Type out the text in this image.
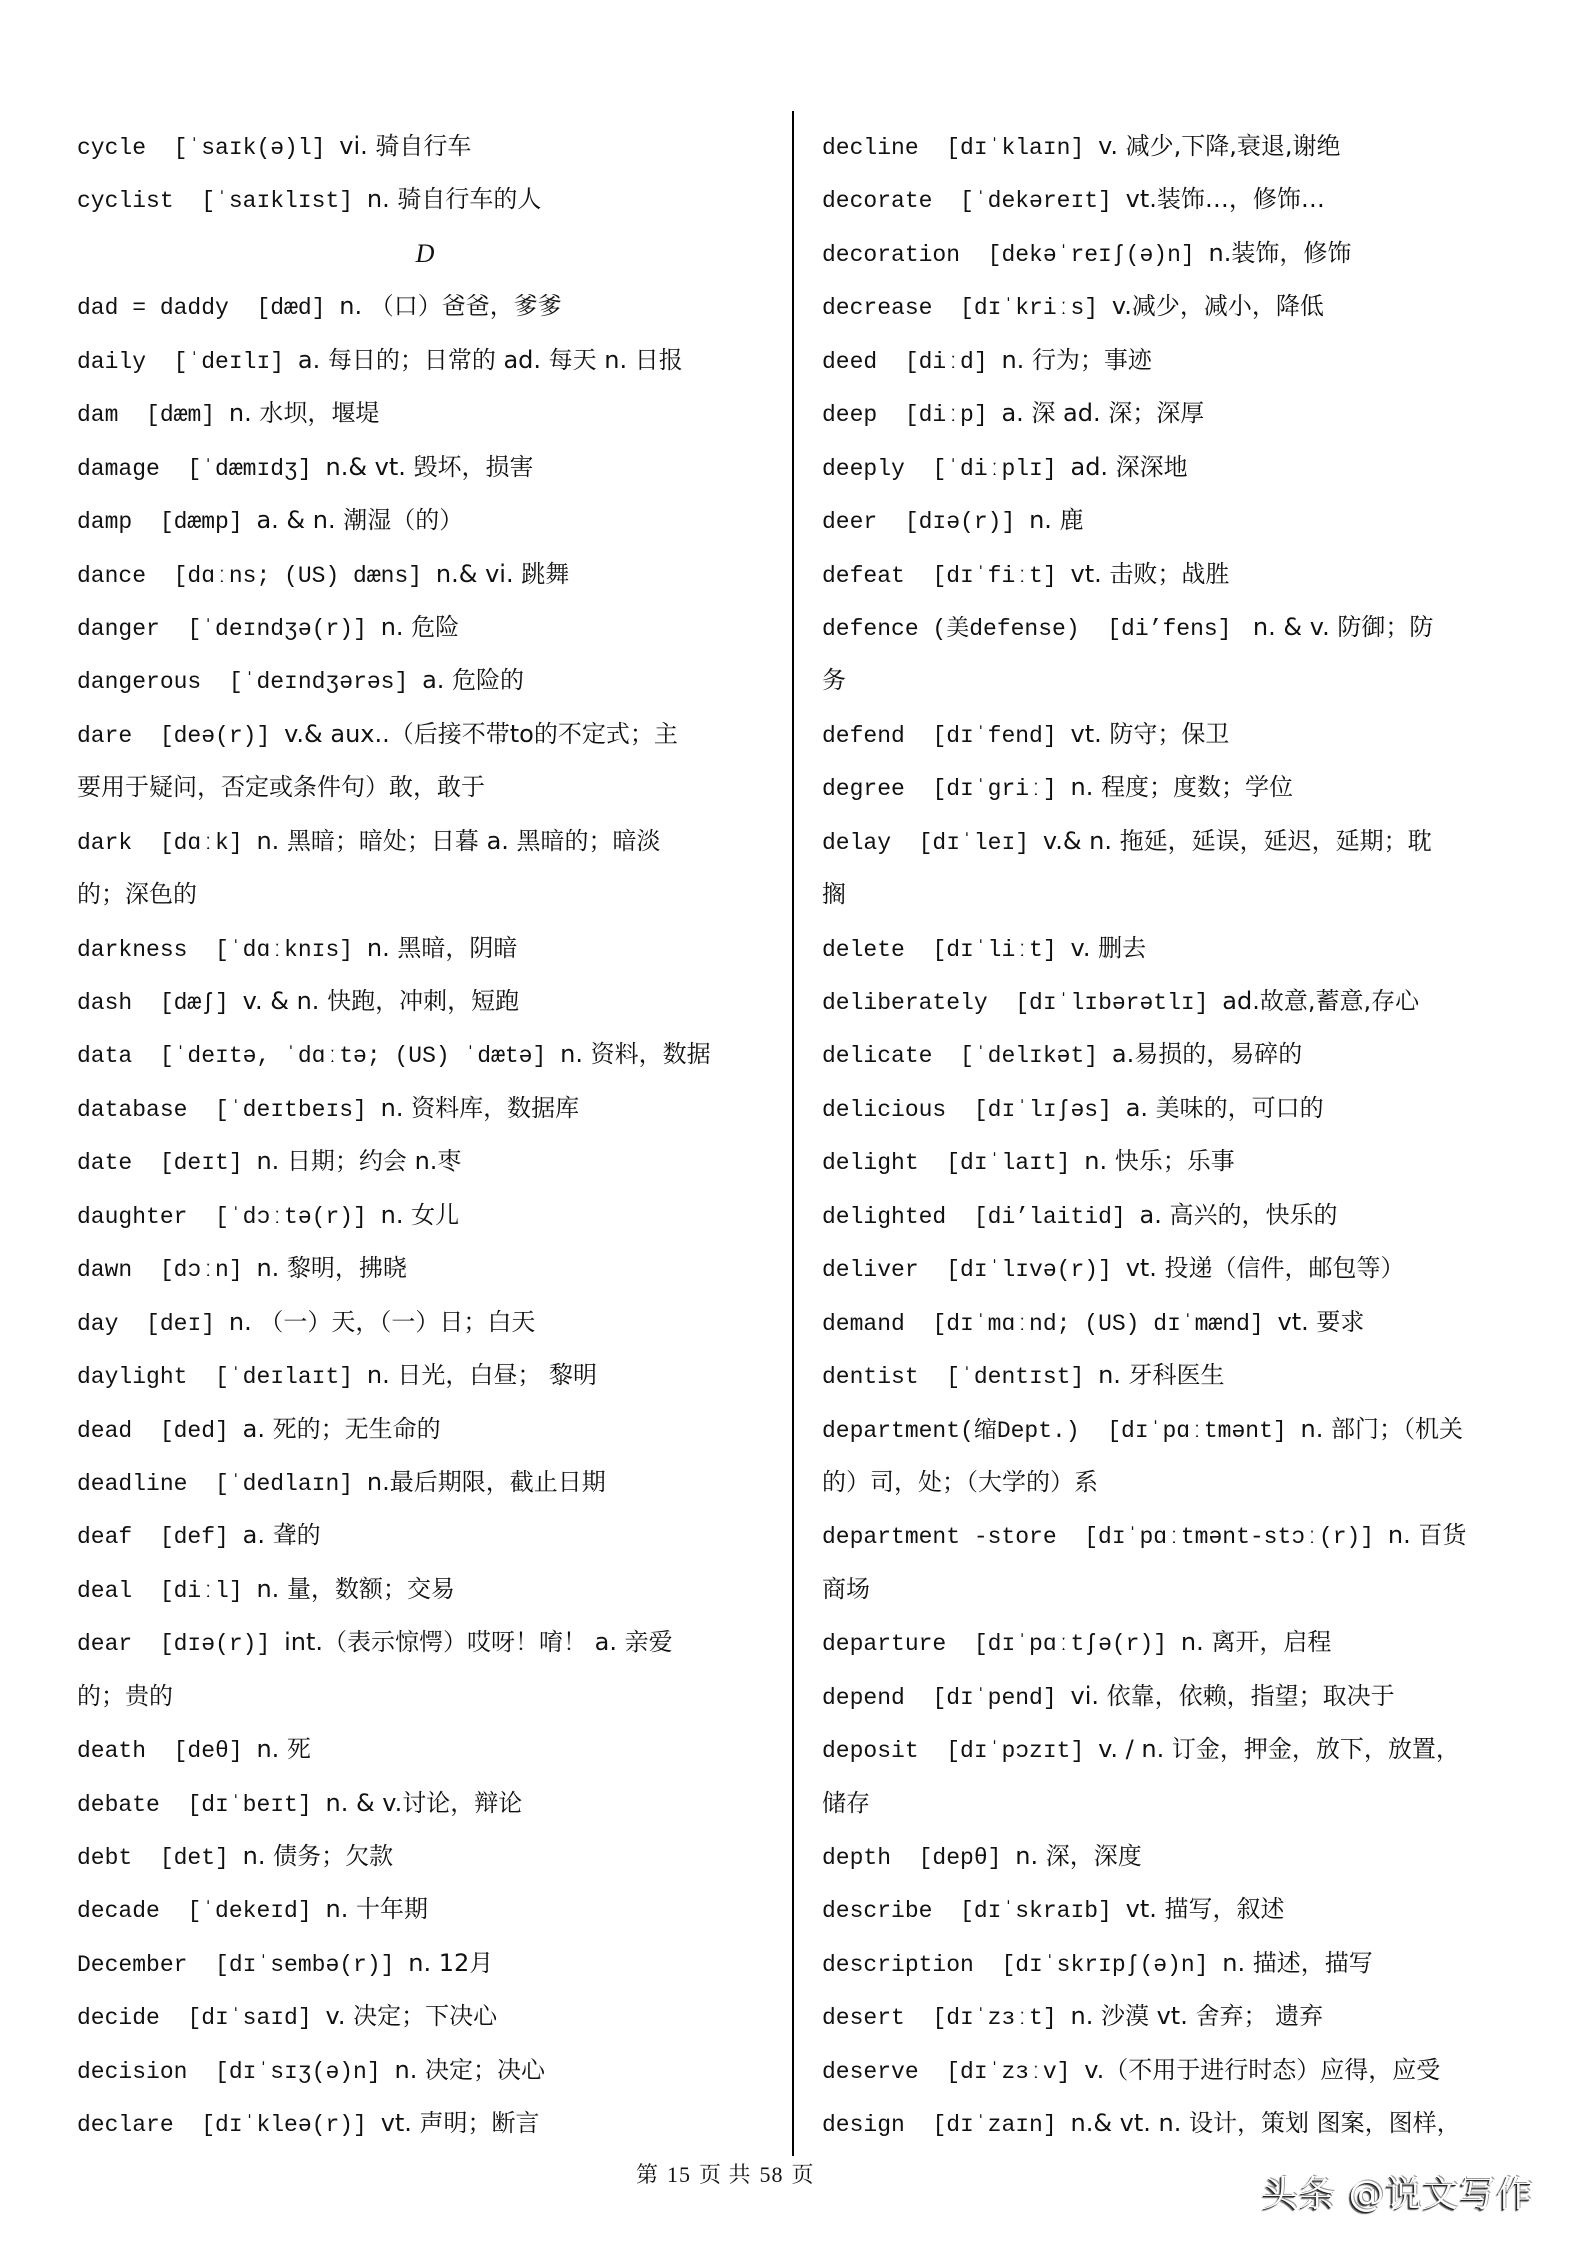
cycle [ˈsaɪk(ə)l] vi. 骑自行车
cyclist [ˈsaɪklɪst] n. 骑自行车的人
D
dad = daddy [dæd] n. （口）爸爸，爹爹
daily [ˈdeɪlɪ] a. 每日的；日常的 ad. 每天 n. 日报
dam [dæm] n. 水坝，堰堤
damage [ˈdæmɪdʒ] n.& vt. 毁坏，损害
damp [dæmp] a. & n. 潮湿（的）
dance [dɑːns; (US) dæns] n.& vi. 跳舞
danger [ˈdeɪndʒə(r)] n. 危险
dangerous [ˈdeɪndʒərəs] a. 危险的
dare [deə(r)] v.& aux..（后接不带to的不定式；主
要用于疑问，否定或条件句）敢，敢于
dark [dɑːk] n. 黑暗；暗处；日暮 a. 黑暗的；暗淡
的；深色的
darkness [ˈdɑːknɪs] n. 黑暗，阴暗
dash [dæʃ] v. & n. 快跑，冲刺，短跑
data [ˈdeɪtə, ˈdɑːtə; (US) ˈdætə] n. 资料，数据
database [ˈdeɪtbeɪs] n. 资料库，数据库
date [deɪt] n. 日期；约会 n.枣
daughter [ˈdɔːtə(r)] n. 女儿
dawn [dɔːn] n. 黎明，拂晓
day [deɪ] n. （一）天，（一）日；白天
daylight [ˈdeɪlaɪt] n. 日光，白昼； 黎明
dead [ded] a. 死的；无生命的
deadline [ˈdedlaɪn] n.最后期限，截止日期
deaf [def] a. 聋的
deal [diːl] n. 量，数额；交易
dear [dɪə(r)] int.（表示惊愕）哎呀！唷！ a. 亲爱
的；贵的
death [deθ] n. 死
debate [dɪˈbeɪt] n. & v.讨论，辩论
debt [det] n. 债务；欠款
decade [ˈdekeɪd] n. 十年期
December [dɪˈsembə(r)] n. 12月
decide [dɪˈsaɪd] v. 决定；下决心
decision [dɪˈsɪʒ(ə)n] n. 决定；决心
declare [dɪˈkleə(r)] vt. 声明；断言
decline [dɪˈklaɪn] v. 减少,下降,衰退,谢绝
decorate [ˈdekəreɪt] vt.装饰…，修饰…
decoration [dekəˈreɪʃ(ə)n] n.装饰，修饰
decrease [dɪˈkriːs] v.减少，减小，降低
deed [diːd] n. 行为；事迹
deep [diːp] a. 深 ad. 深；深厚
deeply [ˈdiːplɪ] ad. 深深地
deer [dɪə(r)] n. 鹿
defeat [dɪˈfiːt] vt. 击败；战胜
defence (美defense) [di’fens]  n. & v. 防御；防
务
defend [dɪˈfend] vt. 防守；保卫
degree [dɪˈgriː] n. 程度；度数；学位
delay [dɪˈleɪ] v.& n. 拖延，延误，延迟，延期；耽
搁
delete [dɪˈliːt] v. 删去
deliberately [dɪˈlɪbərətlɪ] ad.故意,蓄意,存心
delicate [ˈdelɪkət] a.易损的，易碎的
delicious [dɪˈlɪʃəs] a. 美味的，可口的
delight [dɪˈlaɪt] n. 快乐；乐事
delighted [di’laitid] a. 高兴的，快乐的
deliver [dɪˈlɪvə(r)] vt. 投递（信件，邮包等）
demand [dɪˈmɑːnd; (US) dɪˈmænd] vt. 要求
dentist [ˈdentɪst] n. 牙科医生
department(缩Dept.) [dɪˈpɑːtmənt] n. 部门；（机关
的）司，处；（大学的）系
department -store [dɪˈpɑːtmənt-stɔː(r)] n. 百货
商场
departure [dɪˈpɑːtʃə(r)] n. 离开，启程
depend [dɪˈpend] vi. 依靠，依赖，指望；取决于
deposit [dɪˈpɔzɪt] v. / n. 订金，押金，放下，放置，
储存
depth [depθ] n. 深，深度
describe [dɪˈskraɪb] vt. 描写，叙述
description [dɪˈskrɪpʃ(ə)n] n. 描述，描写
desert [dɪˈzɜːt] n. 沙漠 vt. 舍弃； 遗弃
deserve [dɪˈzɜːv] v.（不用于进行时态）应得，应受
design [dɪˈzaɪn] n.& vt. n. 设计，策划 图案，图样，
第 15 页 共 58 页	头条 @说文写作
